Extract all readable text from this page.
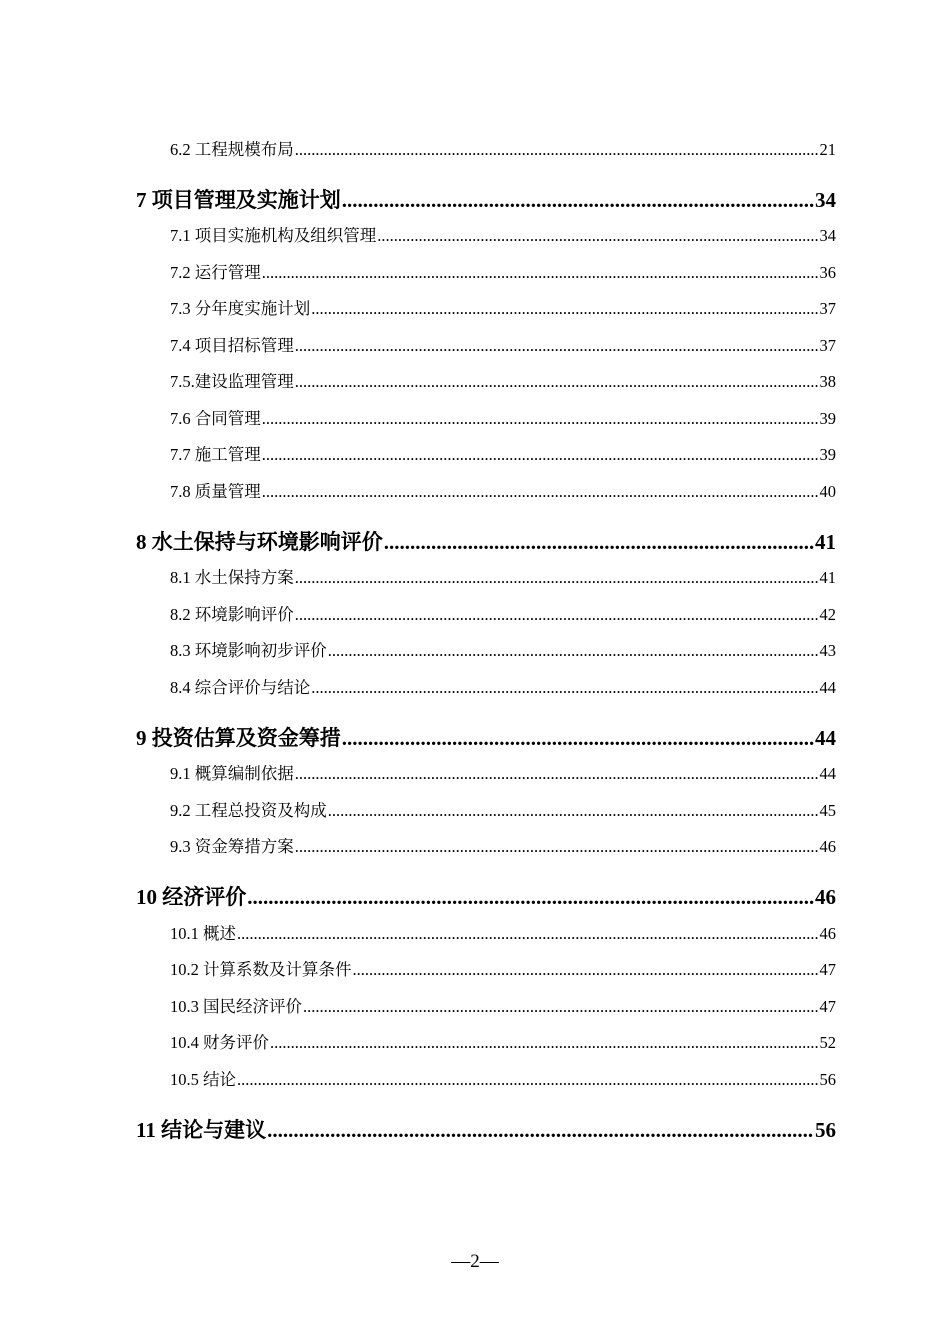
6.2 工程规模布局 .....	21
7 项目管理及实施计划 .....	34
7.1 项目实施机构及组织管理 .....	34
7.2 运行管理 .....	36
7.3 分年度实施计划 .....	37
7.4 项目招标管理 .....	37
7.5.建设监理管理 .....	38
7.6 合同管理 .....	39
7.7 施工管理 .....	39
7.8 质量管理 .....	40
8 水土保持与环境影响评价 .....	41
8.1 水土保持方案 .....	41
8.2 环境影响评价 .....	42
8.3 环境影响初步评价 .....	43
8.4 综合评价与结论 .....	44
9 投资估算及资金筹措 .....	44
9.1 概算编制依据 .....	44
9.2 工程总投资及构成 .....	45
9.3 资金筹措方案 .....	46
10 经济评价 .....	46
10.1 概述 .....	46
10.2 计算系数及计算条件 .....	47
10.3 国民经济评价 .....	47
10.4 财务评价 .....	52
10.5 结论 .....	56
11 结论与建议 .....	56
—2—
